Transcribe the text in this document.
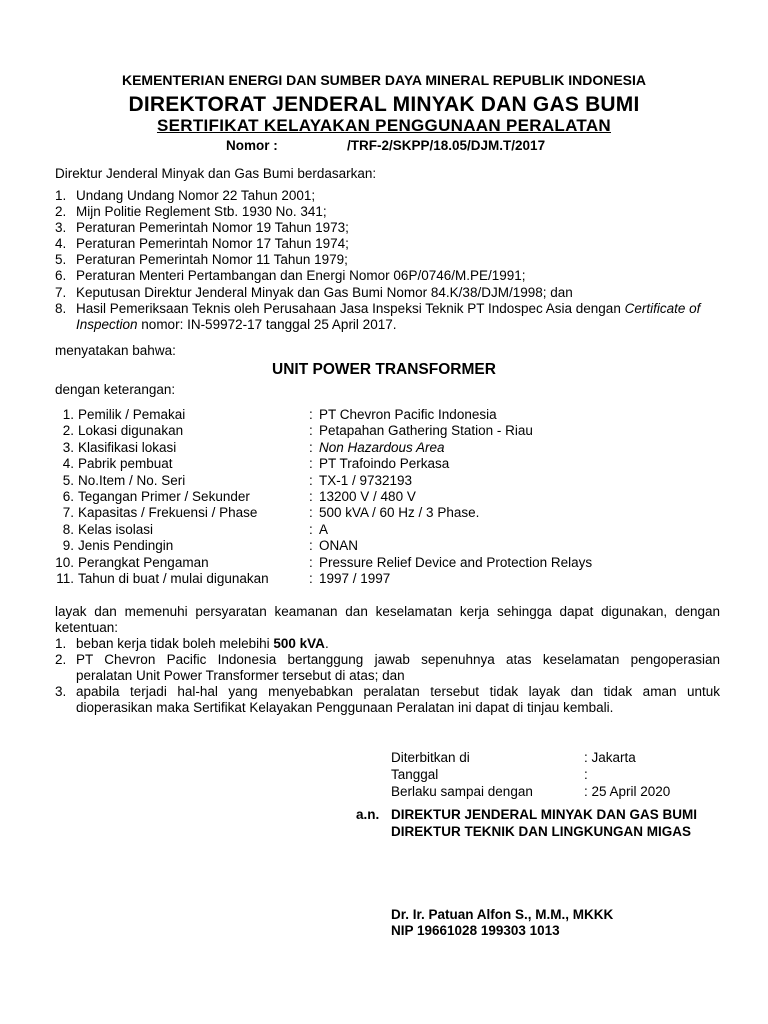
KEMENTERIAN ENERGI DAN SUMBER DAYA MINERAL REPUBLIK INDONESIA
DIREKTORAT JENDERAL MINYAK DAN GAS BUMI
SERTIFIKAT KELAYAKAN PENGGUNAAN PERALATAN
Nomor :	/TRF-2/SKPP/18.05/DJM.T/2017
Direktur Jenderal Minyak dan Gas Bumi berdasarkan:
1. Undang Undang Nomor 22 Tahun 2001;
2. Mijn Politie Reglement Stb. 1930 No. 341;
3. Peraturan Pemerintah Nomor 19 Tahun 1973;
4. Peraturan Pemerintah Nomor 17 Tahun 1974;
5. Peraturan Pemerintah Nomor 11 Tahun 1979;
6. Peraturan Menteri Pertambangan dan Energi Nomor 06P/0746/M.PE/1991;
7. Keputusan Direktur Jenderal Minyak dan Gas Bumi Nomor 84.K/38/DJM/1998; dan
8. Hasil Pemeriksaan Teknis oleh Perusahaan Jasa Inspeksi Teknik PT Indospec Asia dengan Certificate of
Inspection nomor: IN-59972-17 tanggal 25 April 2017.
menyatakan bahwa:
UNIT POWER TRANSFORMER
dengan keterangan:
1. Pemilik / Pemakai	: PT Chevron Pacific Indonesia
2. Lokasi digunakan	: Petapahan Gathering Station - Riau
3. Klasifikasi lokasi	: Non Hazardous Area
4. Pabrik pembuat	: PT Trafoindo Perkasa
5. No.Item / No. Seri	: TX-1 / 9732193
6. Tegangan Primer / Sekunder	: 13200 V / 480 V
7. Kapasitas / Frekuensi / Phase	: 500 kVA / 60 Hz / 3 Phase.
8. Kelas isolasi	: A
9. Jenis Pendingin	: ONAN
10. Perangkat Pengaman	: Pressure Relief Device and Protection Relays
11. Tahun di buat / mulai digunakan	: 1997 / 1997
layak dan memenuhi persyaratan keamanan dan keselamatan kerja sehingga dapat digunakan, dengan
ketentuan:
1. beban kerja tidak boleh melebihi 500 kVA.
2. PT Chevron Pacific Indonesia bertanggung jawab sepenuhnya atas keselamatan pengoperasian
peralatan Unit Power Transformer tersebut di atas; dan
3. apabila terjadi hal-hal yang menyebabkan peralatan tersebut tidak layak dan tidak aman untuk
dioperasikan maka Sertifikat Kelayakan Penggunaan Peralatan ini dapat di tinjau kembali.
Diterbitkan di	: Jakarta
Tanggal	:
Berlaku sampai dengan	: 25 April 2020
a.n. DIREKTUR JENDERAL MINYAK DAN GAS BUMI
DIREKTUR TEKNIK DAN LINGKUNGAN MIGAS
Dr. Ir. Patuan Alfon S., M.M., MKKK
NIP 19661028 199303 1013
